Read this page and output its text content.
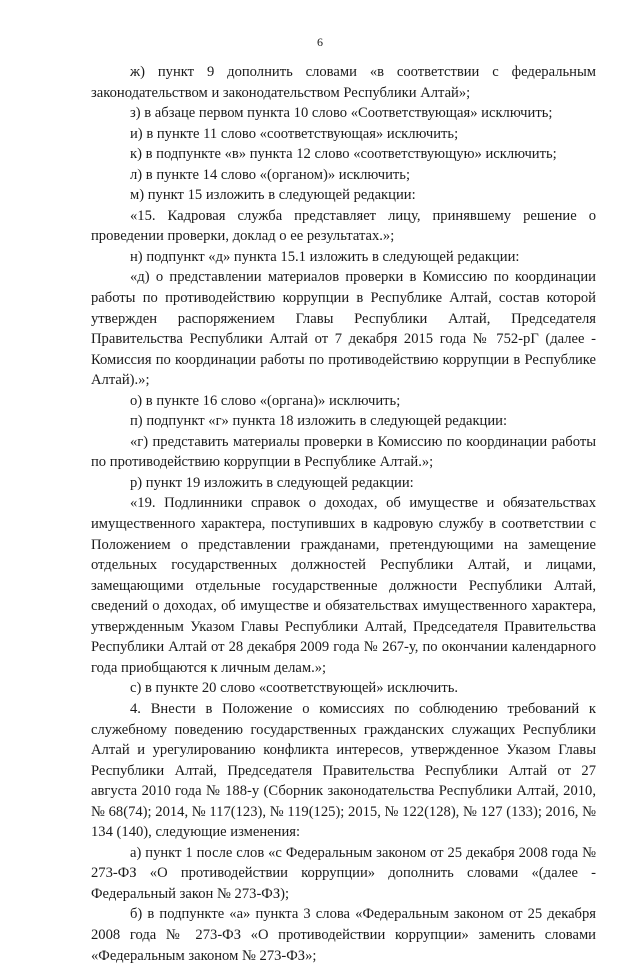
6

ж) пункт 9 дополнить словами «в соответствии с федеральным законодательством и законодательством Республики Алтай»;

з) в абзаце первом пункта 10 слово «Соответствующая» исключить;

и) в пункте 11 слово «соответствующая» исключить;

к) в подпункте «в» пункта 12 слово «соответствующую» исключить;

л) в пункте 14 слово «(органом)» исключить;

м) пункт 15 изложить в следующей редакции:

«15. Кадровая служба представляет лицу, принявшему решение о проведении проверки, доклад о ее результатах.»;

н) подпункт «д» пункта 15.1 изложить в следующей редакции:

«д) о представлении материалов проверки в Комиссию по координации работы по противодействию коррупции в Республике Алтай, состав которой утвержден распоряжением Главы Республики Алтай, Председателя Правительства Республики Алтай от 7 декабря 2015 года № 752-рГ (далее - Комиссия по координации работы по противодействию коррупции в Республике Алтай).»;

о) в пункте 16 слово «(органа)» исключить;

п) подпункт «г» пункта 18 изложить в следующей редакции:

«г) представить материалы проверки в Комиссию по координации работы по противодействию коррупции в Республике Алтай.»;

р) пункт 19 изложить в следующей редакции:

«19. Подлинники справок о доходах, об имуществе и обязательствах имущественного характера, поступивших в кадровую службу в соответствии с Положением о представлении гражданами, претендующими на замещение отдельных государственных должностей Республики Алтай, и лицами, замещающими отдельные государственные должности Республики Алтай, сведений о доходах, об имуществе и обязательствах имущественного характера, утвержденным Указом Главы Республики Алтай, Председателя Правительства Республики Алтай от 28 декабря 2009 года № 267-у, по окончании календарного года приобщаются к личным делам.»;

с) в пункте 20 слово «соответствующей» исключить.

4. Внести в Положение о комиссиях по соблюдению требований к служебному поведению государственных гражданских служащих Республики Алтай и урегулированию конфликта интересов, утвержденное Указом Главы Республики Алтай, Председателя Правительства Республики Алтай от 27 августа 2010 года № 188-у (Сборник законодательства Республики Алтай, 2010, № 68(74); 2014, № 117(123), № 119(125); 2015, № 122(128), № 127 (133); 2016, № 134 (140), следующие изменения:

а) пункт 1 после слов «с Федеральным законом от 25 декабря 2008 года № 273-ФЗ «О противодействии коррупции» дополнить словами «(далее - Федеральный закон № 273-ФЗ);

б) в подпункте «а» пункта 3 слова «Федеральным законом от 25 декабря 2008 года № 273-ФЗ «О противодействии коррупции» заменить словами «Федеральным законом № 273-ФЗ»;
